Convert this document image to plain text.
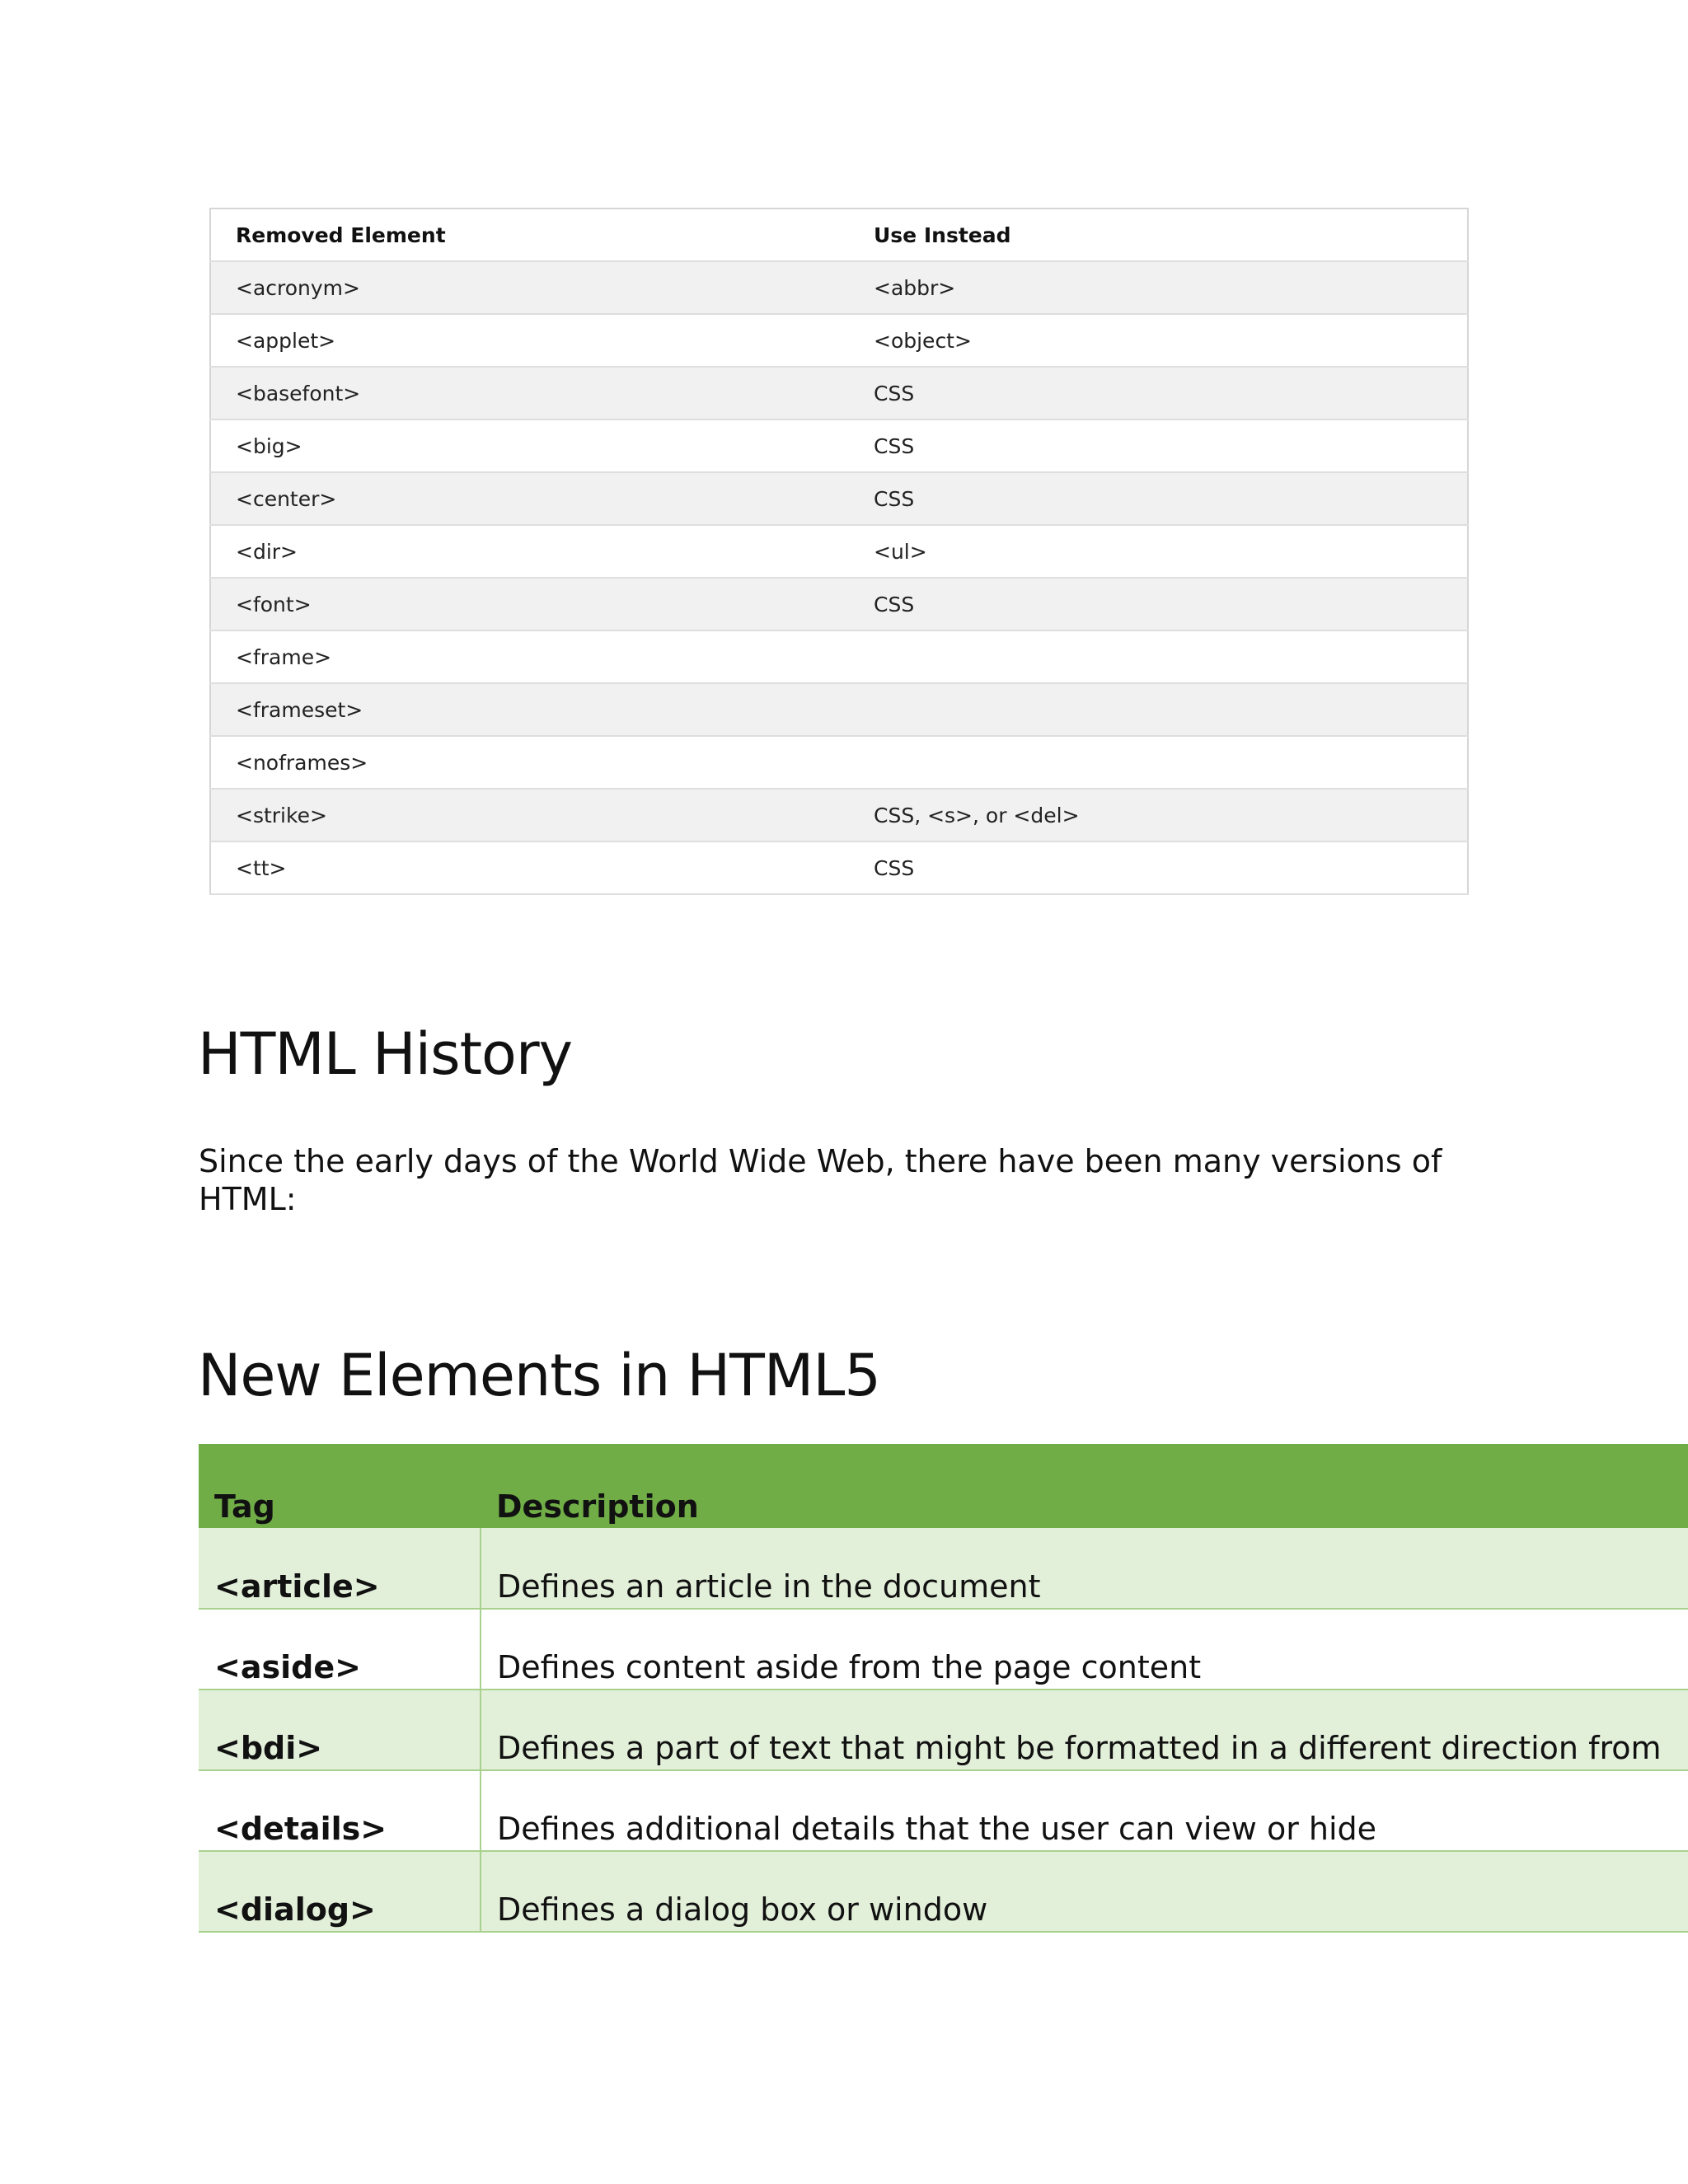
Removed Element	Use Instead
<acronym>	<abbr>
<applet>	<object>
<basefont>	CSS
<big>	CSS
<center>	CSS
<dir>	<ul>
<font>	CSS
<frame>	
<frameset>	
<noframes>	
<strike>	CSS, <s>, or <del>
<tt>	CSS
HTML History

Since the early days of the World Wide Web, there have been many versions of HTML:

New Elements in HTML5
Tag	Description
<article>	Defines an article in the document
<aside>	Defines content aside from the page content
<bdi>	Defines a part of text that might be formatted in a different direction from
<details>	Defines additional details that the user can view or hide
<dialog>	Defines a dialog box or window
